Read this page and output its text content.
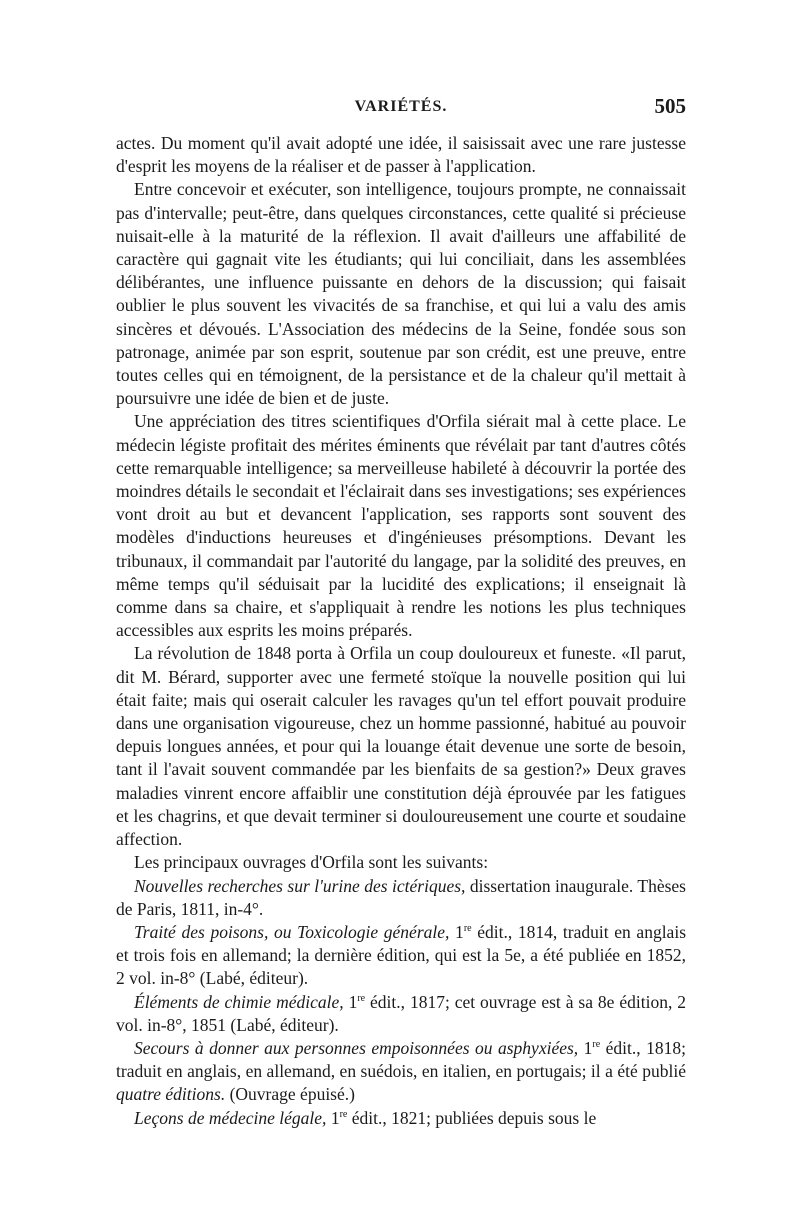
VARIÉTÉS.	505

actes. Du moment qu'il avait adopté une idée, il saisissait avec une rare justesse d'esprit les moyens de la réaliser et de passer à l'application.

Entre concevoir et exécuter, son intelligence, toujours prompte, ne connaissait pas d'intervalle; peut-être, dans quelques circonstances, cette qualité si précieuse nuisait-elle à la maturité de la réflexion. Il avait d'ailleurs une affabilité de caractère qui gagnait vite les étudiants; qui lui conciliait, dans les assemblées délibérantes, une influence puissante en dehors de la discussion; qui faisait oublier le plus souvent les vivacités de sa franchise, et qui lui a valu des amis sincères et dévoués. L'Association des médecins de la Seine, fondée sous son patronage, animée par son esprit, soutenue par son crédit, est une preuve, entre toutes celles qui en témoignent, de la persistance et de la chaleur qu'il mettait à poursuivre une idée de bien et de juste.

Une appréciation des titres scientifiques d'Orfila siérait mal à cette place. Le médecin légiste profitait des mérites éminents que révélait par tant d'autres côtés cette remarquable intelligence; sa merveilleuse habileté à découvrir la portée des moindres détails le secondait et l'éclairait dans ses investigations; ses expériences vont droit au but et devancent l'application, ses rapports sont souvent des modèles d'inductions heureuses et d'ingénieuses présomptions. Devant les tribunaux, il commandait par l'autorité du langage, par la solidité des preuves, en même temps qu'il séduisait par la lucidité des explications; il enseignait là comme dans sa chaire, et s'appliquait à rendre les notions les plus techniques accessibles aux esprits les moins préparés.

La révolution de 1848 porta à Orfila un coup douloureux et funeste. «Il parut, dit M. Bérard, supporter avec une fermeté stoïque la nouvelle position qui lui était faite; mais qui oserait calculer les ravages qu'un tel effort pouvait produire dans une organisation vigoureuse, chez un homme passionné, habitué au pouvoir depuis longues années, et pour qui la louange était devenue une sorte de besoin, tant il l'avait souvent commandée par les bienfaits de sa gestion?» Deux graves maladies vinrent encore affaiblir une constitution déjà éprouvée par les fatigues et les chagrins, et que devait terminer si douloureusement une courte et soudaine affection.

Les principaux ouvrages d'Orfila sont les suivants:

Nouvelles recherches sur l'urine des ictériques, dissertation inaugurale. Thèses de Paris, 1811, in-4°.

Traité des poisons, ou Toxicologie générale, 1re édit., 1814, traduit en anglais et trois fois en allemand; la dernière édition, qui est la 5e, a été publiée en 1852, 2 vol. in-8° (Labé, éditeur).

Éléments de chimie médicale, 1re édit., 1817; cet ouvrage est à sa 8e édition, 2 vol. in-8°, 1851 (Labé, éditeur).

Secours à donner aux personnes empoisonnées ou asphyxiées, 1re édit., 1818; traduit en anglais, en allemand, en suédois, en italien, en portugais; il a été publié quatre éditions. (Ouvrage épuisé.)

Leçons de médecine légale, 1re édit., 1821; publiées depuis sous le
